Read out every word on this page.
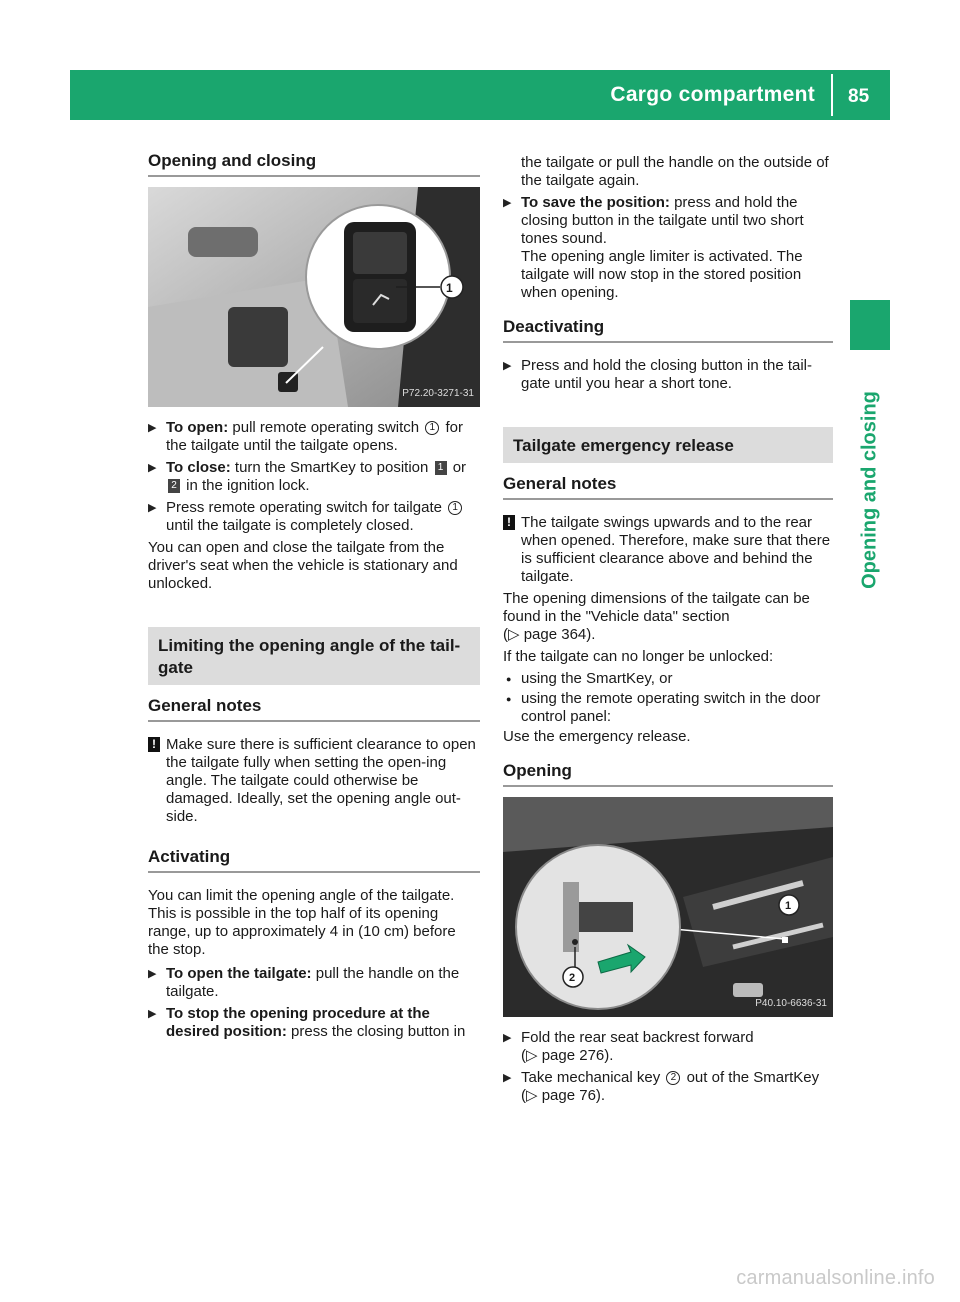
Cargo compartment 85
Opening and closing
Opening and closing
P72.20-3271-31
1
▶ To open: pull remote operating switch 1 for the tailgate until the tailgate opens.
▶ To close: turn the SmartKey to position 1 or 2 in the ignition lock.
▶ Press remote operating switch for tailgate 1 until the tailgate is completely closed.

You can open and close the tailgate from the driver's seat when the vehicle is stationary and unlocked.

Limiting the opening angle of the tail-gate
General notes
! Make sure there is sufficient clearance to open the tailgate fully when setting the open-ing angle. The tailgate could otherwise be damaged. Ideally, set the opening angle out-side.
Activating

You can limit the opening angle of the tailgate. This is possible in the top half of its opening range, up to approximately 4 in (10 cm) before the stop.

▶ To open the tailgate: pull the handle on the tailgate.
▶ To stop the opening procedure at the desired position: press the closing button in

the tailgate or pull the handle on the outside of the tailgate again.

▶ To save the position: press and hold the closing button in the tailgate until two short tones sound.
The opening angle limiter is activated. The tailgate will now stop in the stored position when opening.
Deactivating
▶ Press and hold the closing button in the tail-gate until you hear a short tone.
Tailgate emergency release
General notes
! The tailgate swings upwards and to the rear when opened. Therefore, make sure that there is sufficient clearance above and behind the tailgate.

The opening dimensions of the tailgate can be found in the "Vehicle data" section
(▷ page 364).

If the tailgate can no longer be unlocked:

● using the SmartKey, or
● using the remote operating switch in the door control panel:

Use the emergency release.

Opening
1
2
P40.10-6636-31
▶ Fold the rear seat backrest forward
(▷ page 276).
▶ Take mechanical key 2 out of the SmartKey
(▷ page 76).
carmanualsonline.info
